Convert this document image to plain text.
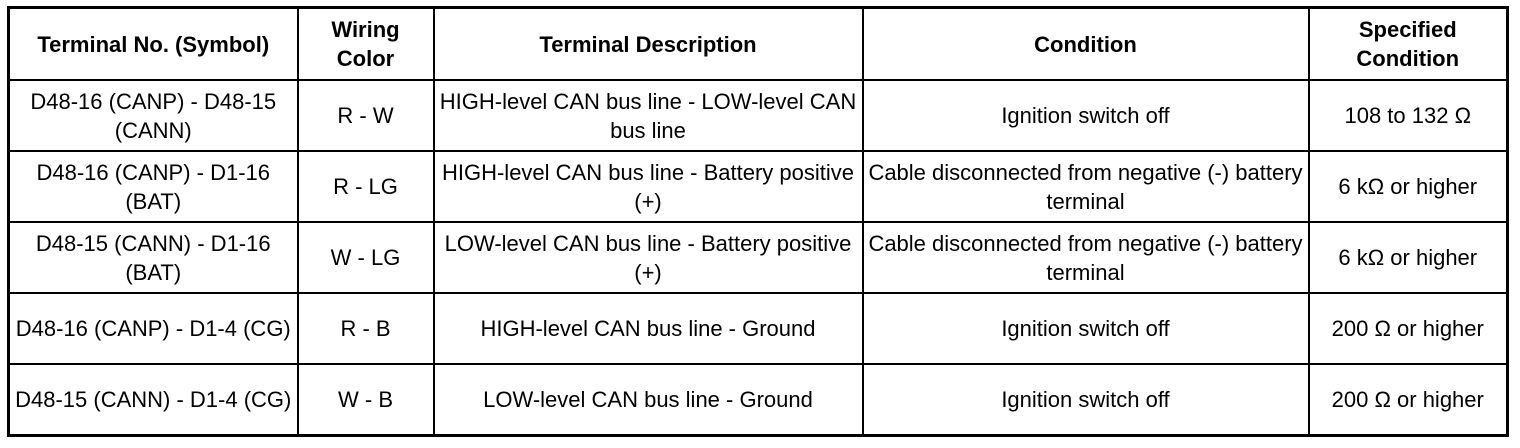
Terminal No. (Symbol)	Wiring Color	Terminal Description	Condition	Specified Condition
D48-16 (CANP) - D48-15 (CANN)	R - W	HIGH-level CAN bus line - LOW-level CAN bus line	Ignition switch off	108 to 132 Ω
D48-16 (CANP) - D1-16 (BAT)	R - LG	HIGH-level CAN bus line - Battery positive (+)	Cable disconnected from negative (-) battery terminal	6 kΩ or higher
D48-15 (CANN) - D1-16 (BAT)	W - LG	LOW-level CAN bus line - Battery positive (+)	Cable disconnected from negative (-) battery terminal	6 kΩ or higher
D48-16 (CANP) - D1-4 (CG)	R - B	HIGH-level CAN bus line - Ground	Ignition switch off	200 Ω or higher
D48-15 (CANN) - D1-4 (CG)	W - B	LOW-level CAN bus line - Ground	Ignition switch off	200 Ω or higher
